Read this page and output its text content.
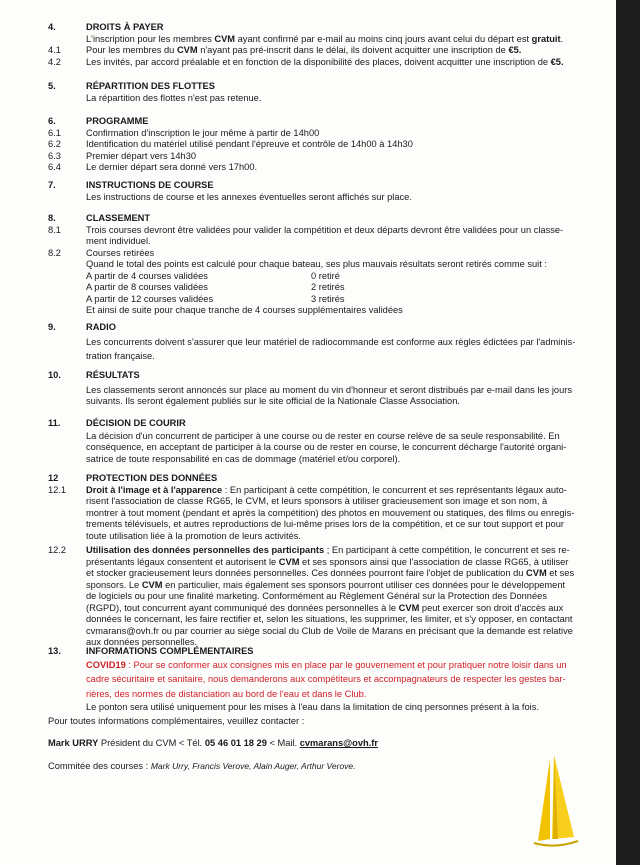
4.	DROITS À PAYER
L'inscription pour les membres CVM ayant confirmé par e-mail au moins cinq jours avant celui du départ est gratuit.
4.1	Pour les membres du CVM n'ayant pas pré-inscrit dans le délai, ils doivent acquitter une inscription de €5.
4.2	Les invités, par accord préalable et en fonction de la disponibilité des places, doivent acquitter une inscription de €5.
5.	RÉPARTITION DES FLOTTES
La répartition des flottes n'est pas retenue.
6.	PROGRAMME
6.1	Confirmation d'inscription le jour même à partir de 14h00
6.2	Identification du matériel utilisé pendant l'épreuve et contrôle de 14h00 à 14h30
6.3	Premier départ vers 14h30
6.4	Le dernier départ sera donné vers 17h00.
7.	INSTRUCTIONS DE COURSE
Les instructions de course et les annexes éventuelles seront affichés sur place.
8.	CLASSEMENT
8.1	Trois courses devront être validées pour valider la compétition et deux départs devront être validées pour un classe-
ment individuel.
8.2	Courses retirées
Quand le total des points est calculé pour chaque bateau, ses plus mauvais résultats seront retirés comme suit :
A partir de 4 courses validées	0 retiré
A partir de 8 courses validées	2 retirés
A partir de 12 courses validées	3 retirés
Et ainsi de suite pour chaque tranche de 4 courses supplémentaires validées
9.	RADIO
Les concurrents doivent s'assurer que leur matériel de radiocommande est conforme aux règles édictées par l'adminis-
tration française.
10.	RÉSULTATS
Les classements seront annoncés sur place au moment du vin d'honneur et seront distribués par e-mail dans les jours
suivants. Ils seront également publiés sur le site official de la Nationale Classe Association.
11.	DÉCISION DE COURIR
La décision d'un concurrent de participer à une course ou de rester en course relève de sa seule responsabilité. En
conséquence, en acceptant de participer à la course ou de rester en course, le concurrent décharge l'autorité organi-
satrice de toute responsabilité en cas de dommage (matériel et/ou corporel).
12	PROTECTION DES DONNÉES
12.1	Droit à l'image et à l'apparence : En participant à cette compétition, le concurrent et ses représentants légaux auto-
risent l'association de classe RG65, le CVM, et leurs sponsors à utiliser gracieusement son image et son nom, à
montrer à tout moment (pendant et après la compétition) des photos en mouvement ou statiques, des films ou enregis-
trements télévisuels, et autres reproductions de lui-même prises lors de la compétition, et ce sur tout support et pour
toute utilisation liée à la promotion de leurs activités.
12.2	Utilisation des données personnelles des participants ; En participant à cette compétition, le concurrent et ses re-
présentants légaux consentent et autorisent le CVM et ses sponsors ainsi que l'association de classe RG65, à utiliser
et stocker gracieusement leurs données personnelles. Ces données pourront faire l'objet de publication du CVM et ses
sponsors. Le CVM en particulier, mais également ses sponsors pourront utiliser ces données pour le développement
de logiciels ou pour une finalité marketing. Conformément au Règlement Général sur la Protection des Données
(RGPD), tout concurrent ayant communiqué des données personnelles à le CVM peut exercer son droit d'accès aux
données le concernant, les faire rectifier et, selon les situations, les supprimer, les limiter, et s'y opposer, en contactant
cvmarans@ovh.fr ou par courrier au siège social du Club de Voile de Marans en précisant que la demande est relative
aux données personnelles.
13.	INFORMATIONS COMPLÉMENTAIRES
COVID19 : Pour se conformer aux consignes mis en place par le gouvernement et pour pratiquer notre loisir dans un
cadre sécuritaire et sanitaire, nous demanderons aux compétiteurs et accompagnateurs de respecter les gestes bar-
rières, des normes de distanciation au bord de l'eau et dans le Club.
Le ponton sera utilisé uniquement pour les mises à l'eau dans la limitation de cinq personnes présent à la fois.
Pour toutes informations complémentaires, veuillez contacter :
Mark URRY Président du CVM < Tél. 05 46 01 18 29 < Mail. cvmarans@ovh.fr
Commitée des courses : Mark Urry, Francis Verove, Alain Auger, Arthur Verove.
